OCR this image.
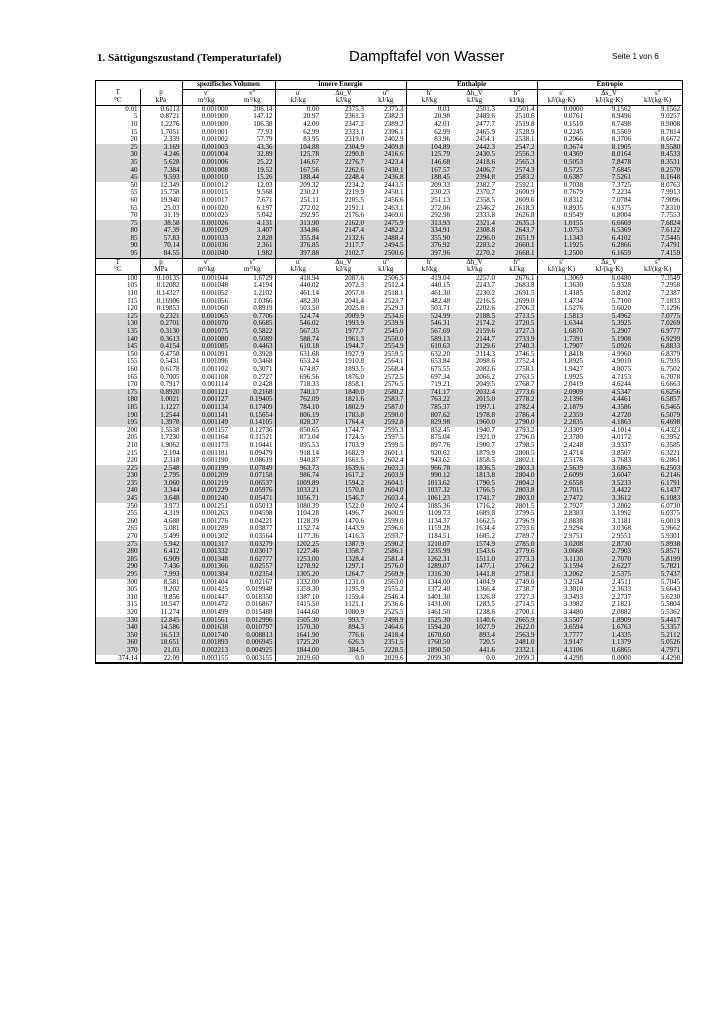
1. Sättigungszustand (Temperaturtafel)	Dampftafel von Wasser	Seite 1 von 6
		spezifisches Volumen		innere Energie			Enthalpie			Entropie		
T	p	v'	v''	u'	Δu_V	u''	h'	Δh_V	h''	s'	Δs_V	s''
°C	kPa	m³/kg	m³/kg	kJ/kg	kJ/kg	kJ/kg	kJ/kg	kJ/kg	kJ/kg	kJ/(kg·K)	kJ/(kg·K)	kJ/(kg·K)
0.01	0.6113	0.001000	206.14	0.00	2375.3	2375.3	0.01	2501.3	2501.4	0.0000	9.1562	9.1562
5	0.8721	0.001000	147.12	20.97	2361.3	2382.3	20.98	2489.6	2510.6	0.0761	8.9496	9.0257
10	1.2276	0.001000	106.38	42.00	2347.2	2389.2	42.01	2477.7	2519.8	0.1510	8.7498	8.9008
15	1.7051	0.001001	77.93	62.99	2333.1	2396.1	62.99	2465.9	2528.9	0.2245	8.5569	8.7814
20	2.339	0.001002	57.79	83.95	2319.0	2402.9	83.96	2454.1	2538.1	0.2966	8.3706	8.6672
25	3.169	0.001003	43.36	104.88	2304.9	2409.8	104.89	2442.3	2547.2	0.3674	8.1905	8.5580
30	4.246	0.001004	32.89	125.78	2290.8	2416.6	125.79	2430.5	2556.3	0.4369	8.0164	8.4533
35	5.628	0.001006	25.22	146.67	2276.7	2423.4	146.68	2418.6	2565.3	0.5053	7.8478	8.3531
40	7.384	0.001008	19.52	167.56	2262.6	2430.1	167.57	2406.7	2574.3	0.5725	7.6845	8.2570
45	9.593	0.001010	15.26	188.44	2248.4	2436.8	188.45	2394.8	2583.2	0.6387	7.5261	8.1648
50	12.349	0.001012	12.03	209.32	2234.2	2443.5	209.33	2382.7	2592.1	0.7038	7.3725	8.0763
55	15.758	0.001015	9.568	230.21	2219.9	2450.1	230.23	2370.7	2600.9	0.7679	7.2234	7.9913
60	19.940	0.001017	7.671	251.11	2205.5	2456.6	251.13	2358.5	2609.6	0.8312	7.0784	7.9096
65	25.03	0.001020	6.197	272.02	2191.1	2463.1	272.06	2346.2	2618.3	0.8935	6.9375	7.8310
70	31.19	0.001023	5.042	292.95	2176.6	2469.6	292.98	2333.8	2626.8	0.9549	6.8004	7.7553
75	38.58	0.001026	4.131	313.90	2162.0	2475.9	313.93	2321.4	2635.3	1.0155	6.6669	7.6824
80	47.39	0.001029	3.407	334.86	2147.4	2482.2	334.91	2308.8	2643.7	1.0753	6.5369	7.6122
85	57.83	0.001033	2.828	355.84	2132.6	2488.4	355.90	2296.0	2651.9	1.1343	6.4102	7.5445
90	70.14	0.001036	2.361	376.85	2117.7	2494.5	376.92	2283.2	2660.1	1.1925	6.2866	7.4791
95	84.55	0.001040	1.982	397.88	2102.7	2500.6	397.96	2270.2	2668.1	1.2500	6.1659	7.4159
T	p	v'	v''	u'	Δu_V	u''	h'	Δh_V	h''	s'	Δs_V	s''
°C	MPa	m³/kg	m³/kg	kJ/kg	kJ/kg	kJ/kg	kJ/kg	kJ/kg	kJ/kg	kJ/(kg·K)	kJ/(kg·K)	kJ/(kg·K)
100	0.10135	0.001044	1.6729	418.94	2087.6	2506.5	419.04	2257.0	2676.1	1.3069	6.0480	7.3549
105	0.12082	0.001048	1.4194	440.02	2072.3	2512.4	440.15	2243.7	2683.8	1.3630	5.9328	7.2958
110	0.14327	0.001052	1.2102	461.14	2057.0	2518.1	461.30	2230.2	2691.5	1.4185	5.8202	7.2387
115	0.16906	0.001056	1.0366	482.30	2041.4	2523.7	482.48	2216.5	2699.0	1.4734	5.7100	7.1833
120	0.19853	0.001060	0.8919	503.50	2025.8	2529.3	503.71	2202.6	2706.3	1.5276	5.6020	7.1296
125	0.2321	0.001065	0.7706	524.74	2009.9	2534.6	524.99	2188.5	2713.5	1.5813	5.4962	7.0775
130	0.2701	0.001070	0.6685	546.02	1993.9	2539.9	546.31	2174.2	2720.5	1.6344	5.3925	7.0269
135	0.3130	0.001075	0.5822	567.35	1977.7	2545.0	567.69	2159.6	2727.3	1.6870	5.2907	6.9777
140	0.3613	0.001080	0.5089	588.74	1961.3	2550.0	589.13	2144.7	2733.9	1.7391	5.1908	6.9299
145	0.4154	0.001085	0.4463	610.18	1944.7	2554.9	610.63	2129.6	2740.3	1.7907	5.0926	6.8833
150	0.4758	0.001091	0.3928	631.68	1927.9	2559.5	632.20	2114.3	2746.5	1.8418	4.9960	6.8379
155	0.5431	0.001096	0.3468	653.24	1910.8	2564.1	653.84	2098.6	2752.4	1.8925	4.9010	6.7935
160	0.6178	0.001102	0.3071	674.87	1893.5	2568.4	675.55	2082.6	2758.1	1.9427	4.8075	6.7502
165	0.7005	0.001108	0.2727	696.56	1876.0	2572.5	697.34	2066.2	2763.5	1.9925	4.7153	6.7078
170	0.7917	0.001114	0.2428	718.33	1858.1	2576.5	719.21	2049.5	2768.7	2.0419	4.6244	6.6663
175	0.8920	0.001121	0.2168	740.17	1840.0	2580.2	741.17	2032.4	2773.6	2.0909	4.5347	6.6256
180	1.0021	0.001127	0.19405	762.09	1821.6	2583.7	763.22	2015.0	2778.2	2.1396	4.4461	6.5857
185	1.1227	0.001134	0.17409	784.10	1802.9	2587.0	785.37	1997.1	2782.4	2.1879	4.3586	6.5465
190	1.2544	0.001141	0.15654	806.19	1783.8	2590.0	807.62	1978.8	2786.4	2.2359	4.2720	6.5079
195	1.3978	0.001149	0.14105	828.37	1764.4	2592.8	829.98	1960.0	2790.0	2.2835	4.1863	6.4698
200	1.5538	0.001157	0.12736	850.65	1744.7	2595.3	852.45	1940.7	2793.2	2.3309	4.1014	6.4323
205	1.7230	0.001164	0.11521	873.04	1724.5	2597.5	875.04	1921.0	2796.0	2.3780	4.0172	6.3952
210	1.9062	0.001173	0.10441	895.53	1703.9	2599.5	897.76	1900.7	2798.5	2.4248	3.9337	6.3585
215	2.104	0.001181	0.09479	918.14	1682.9	2601.1	920.62	1879.9	2800.5	2.4714	3.8507	6.3221
220	2.318	0.001190	0.08619	940.87	1661.5	2602.4	943.62	1858.5	2802.1	2.5178	3.7683	6.2861
225	2.548	0.001199	0.07849	963.73	1639.6	2603.3	966.78	1836.5	2803.3	2.5639	3.6863	6.2503
230	2.795	0.001209	0.07158	986.74	1617.2	2603.9	990.12	1813.8	2804.0	2.6099	3.6047	6.2146
235	3.060	0.001219	0.06537	1009.89	1594.2	2604.1	1013.62	1790.5	2804.2	2.6558	3.5233	6.1791
240	3.344	0.001229	0.05976	1033.21	1570.8	2604.0	1037.32	1766.5	2803.8	2.7015	3.4422	6.1437
245	3.648	0.001240	0.05471	1056.71	1546.7	2603.4	1061.23	1741.7	2803.0	2.7472	3.3612	6.1083
250	3.973	0.001251	0.05013	1080.39	1522.0	2602.4	1085.36	1716.2	2801.5	2.7927	3.2802	6.0730
255	4.319	0.001263	0.04598	1104.28	1496.7	2600.9	1109.73	1689.8	2799.5	2.8383	3.1992	6.0375
260	4.688	0.001276	0.04221	1128.39	1470.6	2599.0	1134.37	1662.5	2796.9	2.8838	3.1181	6.0019
265	5.081	0.001289	0.03877	1152.74	1443.9	2596.6	1159.28	1634.4	2793.6	2.9294	3.0368	5.9662
270	5.499	0.001302	0.03564	1177.36	1416.3	2593.7	1184.51	1605.2	2789.7	2.9751	2.9551	5.9301
275	5.942	0.001317	0.03279	1202.25	1387.9	2590.2	1210.07	1574.9	2785.0	3.0208	2.8730	5.8938
280	6.412	0.001332	0.03017	1227.46	1358.7	2586.1	1235.99	1543.6	2779.6	3.0668	2.7903	5.8571
285	6.909	0.001348	0.02777	1253.00	1328.4	2581.4	1262.31	1511.0	2773.3	3.1130	2.7070	5.8199
290	7.436	0.001366	0.02557	1278.92	1297.1	2576.0	1289.07	1477.1	2766.2	3.1594	2.6227	5.7821
295	7.993	0.001384	0.02354	1305.20	1264.7	2569.9	1316.30	1441.8	2758.1	3.2062	2.5375	5.7437
300	8.581	0.001404	0.02167	1332.00	1231.0	2563.0	1344.00	1404.9	2749.0	3.2534	2.4511	5.7045
305	9.202	0.001425	0.019948	1359.30	1195.9	2555.2	1372.40	1366.4	2738.7	3.3010	2.3633	5.6643
310	9.856	0.001447	0.018350	1387.10	1159.4	2546.4	1401.30	1326.0	2727.3	3.3493	2.2737	5.6230
315	10.547	0.001472	0.016867	1415.50	1121.1	2536.6	1431.00	1283.5	2714.5	3.3982	2.1821	5.5804
320	11.274	0.001499	0.015488	1444.60	1080.9	2525.5	1461.50	1238.6	2700.1	3.4480	2.0882	5.5362
330	12.845	0.001561	0.012996	1505.30	993.7	2498.9	1525.30	1140.6	2665.9	3.5507	1.8909	5.4417
340	14.586	0.001638	0.010797	1570.30	894.3	2464.6	1594.20	1027.9	2622.0	3.6594	1.6763	5.3357
350	16.513	0.001740	0.008813	1641.90	776.6	2418.4	1670.60	893.4	2563.9	3.7777	1.4335	5.2112
360	18.651	0.001893	0.006945	1725.20	626.3	2351.5	1760.50	720.5	2481.0	3.9147	1.1379	5.0526
370	21.03	0.002213	0.004925	1844.00	384.5	2228.5	1890.50	441.6	2332.1	4.1106	0.6865	4.7971
374.14	22.09	0.003155	0.003155	2029.60	0.0	2029.6	2099.30	0.0	2099.3	4.4298	0.0000	4.4298
